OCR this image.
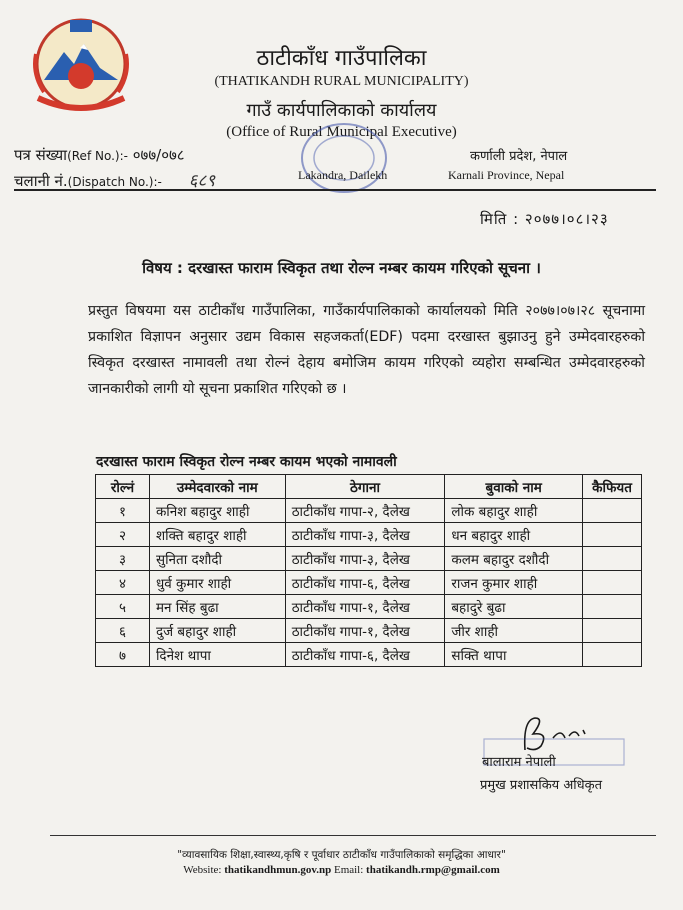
ठाटीकाँध गाउँपालिका
(THATIKANDH RURAL MUNICIPALITY)
गाउँ कार्यपालिकाको कार्यालय
(Office of Rural Municipal Executive)
पत्र संख्या(Ref No.):- ०७७/०७८
चलानी नं.(Dispatch No.):- ६८९	Lakandra, Dailekh
कर्णाली प्रदेश, नेपाल
Karnali Province, Nepal
मिति : २०७७।०८।२३
विषय : दरखास्त फाराम स्विकृत तथा रोल्न नम्बर कायम गरिएको सूचना ।
प्रस्तुत विषयमा यस ठाटीकाँध गाउँपालिका, गाउँकार्यपालिकाको कार्यालयको मिति २०७७।०७।२८ सूचनामा प्रकाशित विज्ञापन अनुसार उद्यम विकास सहजकर्ता(EDF) पदमा दरखास्त बुझाउनु हुने उम्मेदवारहरुको स्विकृत दरखास्त नामावली तथा रोल्नं देहाय बमोजिम कायम गरिएको व्यहोरा सम्बन्धित उम्मेदवारहरुको जानकारीको लागी यो सूचना प्रकाशित गरिएको छ ।
दरखास्त फाराम स्विकृत रोल्न नम्बर कायम भएको नामावली
रोल्नं	उम्मेदवारको नाम	ठेगाना	बुवाको नाम	कैफियत
१	कनिश बहादुर शाही	ठाटीकाँध गापा-२, दैलेख	लोक बहादुर शाही	
२	शक्ति बहादुर शाही	ठाटीकाँध गापा-३, दैलेख	धन बहादुर शाही	
३	सुनिता दशौदी	ठाटीकाँध गापा-३, दैलेख	कलम बहादुर दशौदी	
४	धुर्व कुमार शाही	ठाटीकाँध गापा-६, दैलेख	राजन कुमार शाही	
५	मन सिंह बुढा	ठाटीकाँध गापा-१, दैलेख	बहादुरे बुढा	
६	दुर्ज बहादुर शाही	ठाटीकाँध गापा-१, दैलेख	जीर शाही	
७	दिनेश थापा	ठाटीकाँध गापा-६, दैलेख	सक्ति थापा	
बालाराम नेपाली
प्रमुख प्रशासकिय अधिकृत
"व्यावसायिक शिक्षा,स्वास्थ्य,कृषि र पूर्वाधार ठाटीकाँध गाउँपालिकाको समृद्धिका आधार"
Website: thatikandhmun.gov.np Email: thatikandh.rmp@gmail.com
